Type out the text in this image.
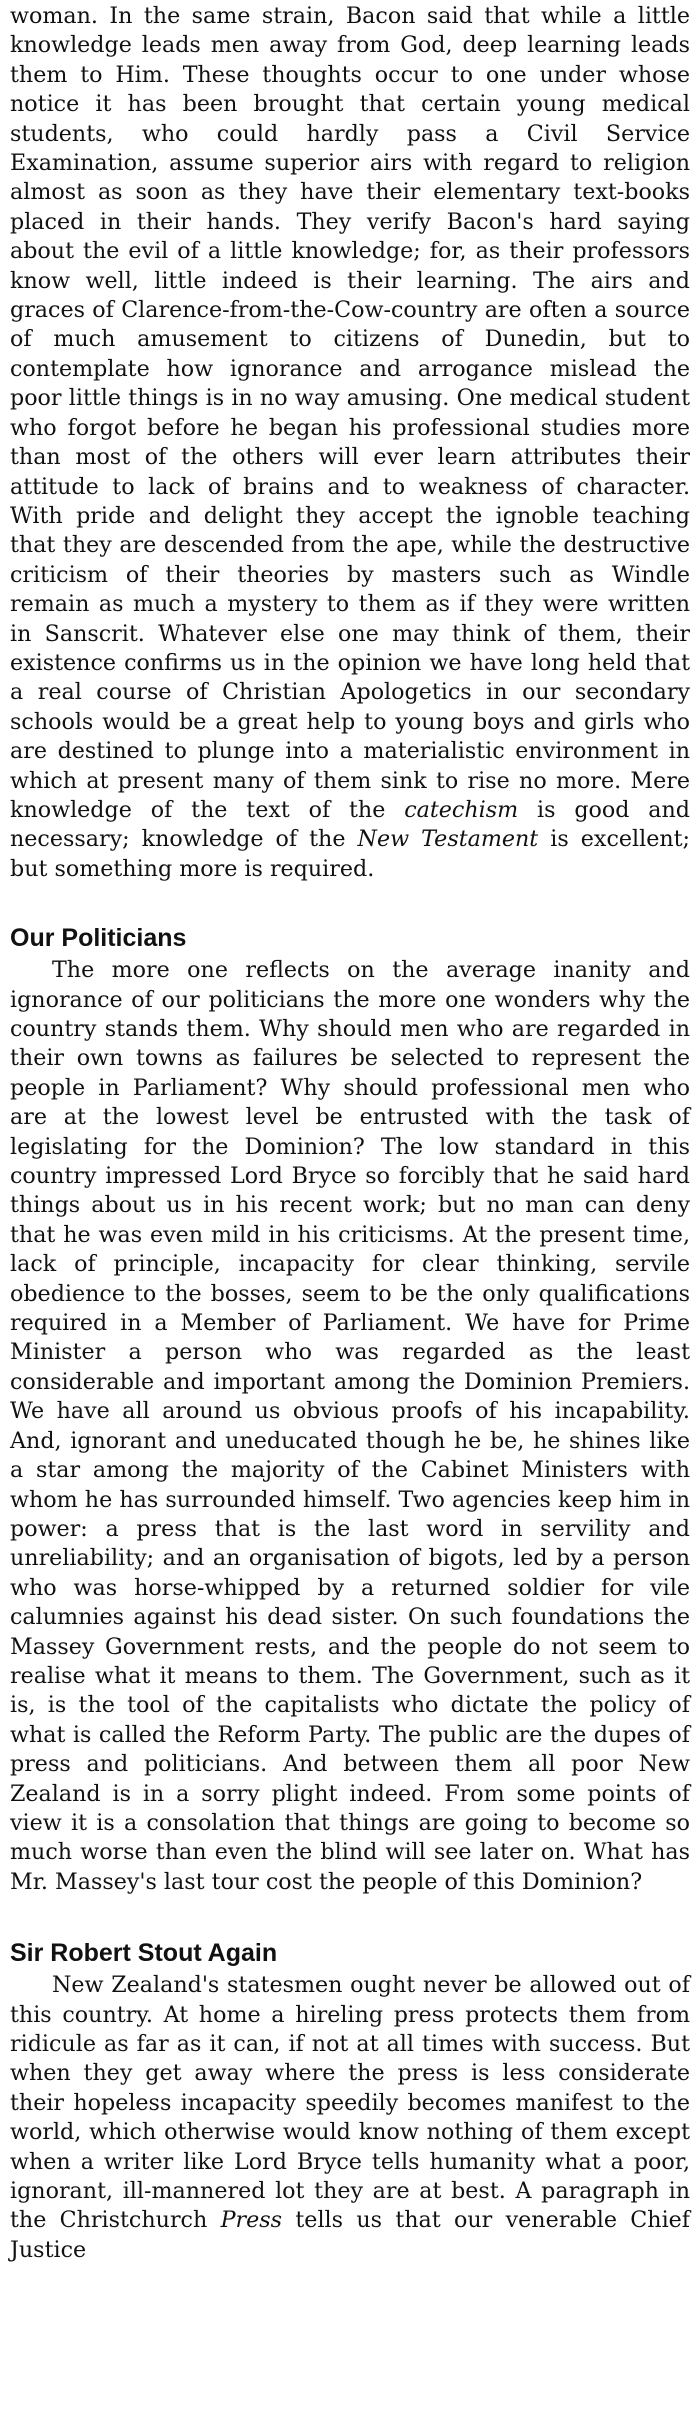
woman. In the same strain, Bacon said that while a little knowledge leads men away from God, deep learning leads them to Him. These thoughts occur to one under whose notice it has been brought that certain young medical students, who could hardly pass a Civil Service Examination, assume superior airs with regard to religion almost as soon as they have their elementary text-books placed in their hands. They verify Bacon's hard saying about the evil of a little knowledge; for, as their professors know well, little indeed is their learning. The airs and graces of Clarence-from-the-Cow-country are often a source of much amusement to citizens of Dunedin, but to contemplate how ignorance and arrogance mislead the poor little things is in no way amusing. One medical student who forgot before he began his professional studies more than most of the others will ever learn attributes their attitude to lack of brains and to weakness of character. With pride and delight they accept the ignoble teaching that they are descended from the ape, while the destructive criticism of their theories by masters such as Windle remain as much a mystery to them as if they were written in Sanscrit. Whatever else one may think of them, their existence confirms us in the opinion we have long held that a real course of Christian Apologetics in our secondary schools would be a great help to young boys and girls who are destined to plunge into a materialistic environment in which at present many of them sink to rise no more. Mere knowledge of the text of the catechism is good and necessary; knowledge of the New Testament is excellent; but something more is required.

Our Politicians

The more one reflects on the average inanity and ignorance of our politicians the more one wonders why the country stands them. Why should men who are regarded in their own towns as failures be selected to represent the people in Parliament? Why should professional men who are at the lowest level be entrusted with the task of legislating for the Dominion? The low standard in this country impressed Lord Bryce so forcibly that he said hard things about us in his recent work; but no man can deny that he was even mild in his criticisms. At the present time, lack of principle, incapacity for clear thinking, servile obedience to the bosses, seem to be the only qualifications required in a Member of Parliament. We have for Prime Minister a person who was regarded as the least considerable and important among the Dominion Premiers. We have all around us obvious proofs of his incapability. And, ignorant and uneducated though he be, he shines like a star among the majority of the Cabinet Ministers with whom he has surrounded himself. Two agencies keep him in power: a press that is the last word in servility and unreliability; and an organisation of bigots, led by a person who was horse-whipped by a returned soldier for vile calumnies against his dead sister. On such foundations the Massey Government rests, and the people do not seem to realise what it means to them. The Government, such as it is, is the tool of the capitalists who dictate the policy of what is called the Reform Party. The public are the dupes of press and politicians. And between them all poor New Zealand is in a sorry plight indeed. From some points of view it is a consolation that things are going to become so much worse than even the blind will see later on. What has Mr. Massey's last tour cost the people of this Dominion?

Sir Robert Stout Again

New Zealand's statesmen ought never be allowed out of this country. At home a hireling press protects them from ridicule as far as it can, if not at all times with success. But when they get away where the press is less considerate their hopeless incapacity speedily becomes manifest to the world, which otherwise would know nothing of them except when a writer like Lord Bryce tells humanity what a poor, ignorant, ill-mannered lot they are at best. A paragraph in the Christchurch Press tells us that our venerable Chief Justice
